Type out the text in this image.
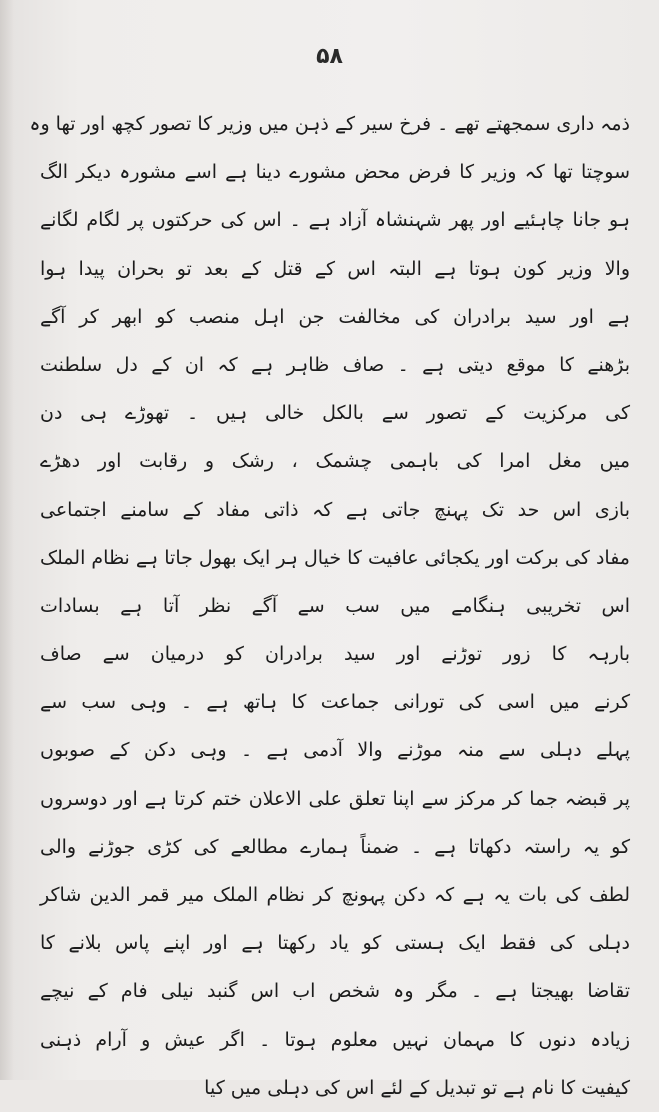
۵۸
ذمہ داری سمجھتے تھے ۔ فرخ سیر کے ذہن میں وزیر کا تصور کچھ اور تھا وہ
سوچتا تھا کہ وزیر کا فرض محض مشورے دینا ہے اسے مشورہ دیکر الگ
ہو جانا چاہئیے اور پھر شہنشاہ آزاد ہے ۔ اس کی حرکتوں پر لگام لگانے
والا وزیر کون ہوتا ہے البتہ اس کے قتل کے بعد تو بحران پیدا ہوا
ہے اور سید برادران کی مخالفت جن اہل منصب کو ابھر کر آگے
بڑھنے کا موقع دیتی ہے ۔ صاف ظاہر ہے کہ ان کے دل سلطنت
کی مرکزیت کے تصور سے بالکل خالی ہیں ۔ تھوڑے ہی دن
میں مغل امرا کی باہمی چشمک ، رشک و رقابت اور دھڑے
بازی اس حد تک پہنچ جاتی ہے کہ ذاتی مفاد کے سامنے اجتماعی
مفاد کی برکت اور یکجائی عافیت کا خیال ہر ایک بھول جاتا ہے نظام الملک
اس تخریبی ہنگامے میں سب سے آگے نظر آتا ہے بسادات
بارہہ کا زور توڑنے اور سید برادران کو درمیان سے صاف
کرنے میں اسی کی تورانی جماعت کا ہاتھ ہے ۔ وہی سب سے
پہلے دہلی سے منہ موڑنے والا آدمی ہے ۔ وہی دکن کے صوبوں
پر قبضہ جما کر مرکز سے اپنا تعلق علی الاعلان ختم کرتا ہے اور دوسروں
کو یہ راستہ دکھاتا ہے ۔ ضمناً ہمارے مطالعے کی کڑی جوڑنے والی
لطف کی بات یہ ہے کہ دکن پہونچ کر نظام الملک میر قمر الدین شاکر
دہلی کی فقط ایک ہستی کو یاد رکھتا ہے اور اپنے پاس بلانے کا
تقاضا بھیجتا ہے ۔ مگر وہ شخص اب اس گنبد نیلی فام کے نیچے
زیادہ دنوں کا مہمان نہیں معلوم ہوتا ۔ اگر عیش و آرام ذہنی
کیفیت کا نام ہے تو تبدیل کے لئے اس کی دہلی میں کیا
